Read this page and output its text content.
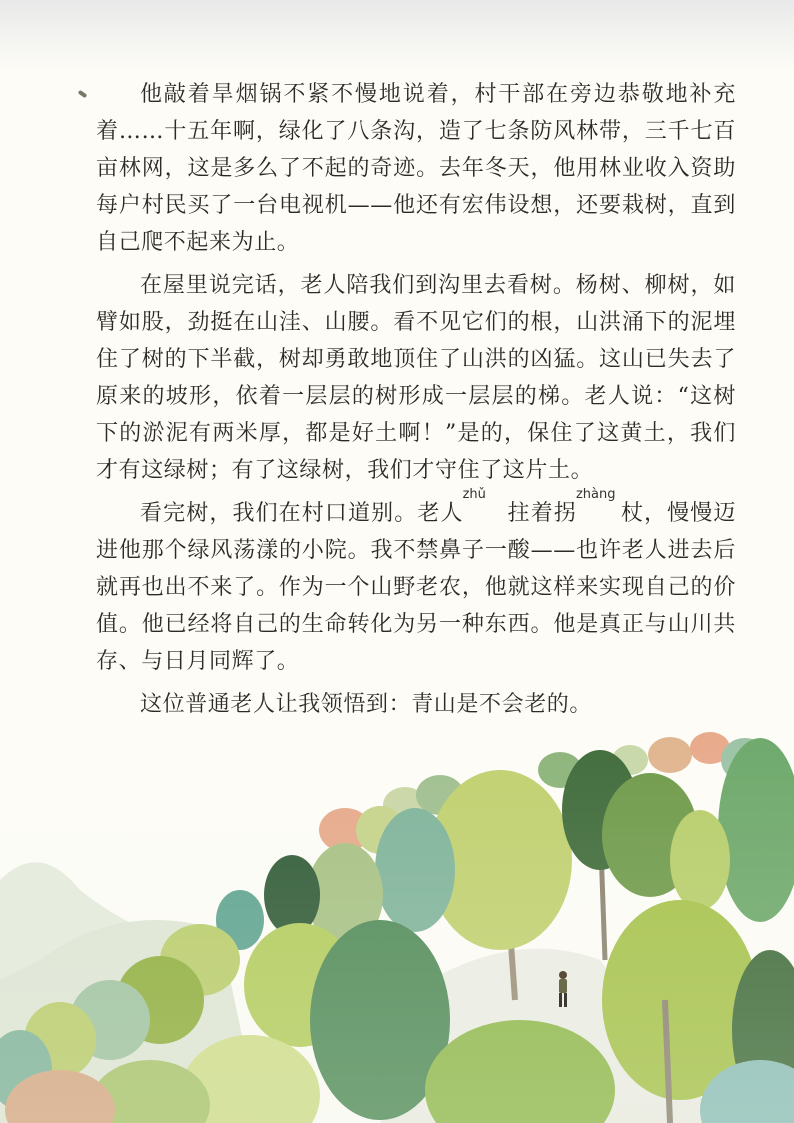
他敲着旱烟锅不紧不慢地说着，村干部在旁边恭敬地补充着……十五年啊，绿化了八条沟，造了七条防风林带，三千七百亩林网，这是多么了不起的奇迹。去年冬天，他用林业收入资助每户村民买了一台电视机——他还有宏伟设想，还要栽树，直到自己爬不起来为止。

在屋里说完话，老人陪我们到沟里去看树。杨树、柳树，如臂如股，劲挺在山洼、山腰。看不见它们的根，山洪涌下的泥埋住了树的下半截，树却勇敢地顶住了山洪的凶猛。这山已失去了原来的坡形，依着一层层的树形成一层层的梯。老人说：“这树下的淤泥有两米厚，都是好土啊！”是的，保住了这黄土，我们才有这绿树；有了这绿树，我们才守住了这片土。

看完树，我们在村口道别。老人
zhǔ
拄着拐
zhàng
杖，慢慢迈进他那个绿风荡漾的小院。我不禁鼻子一酸——也许老人进去后就再也出不来了。作为一个山野老农，他就这样来实现自己的价值。他已经将自己的生命转化为另一种东西。他是真正与山川共存、与日月同辉了。

这位普通老人让我领悟到：青山是不会老的。
